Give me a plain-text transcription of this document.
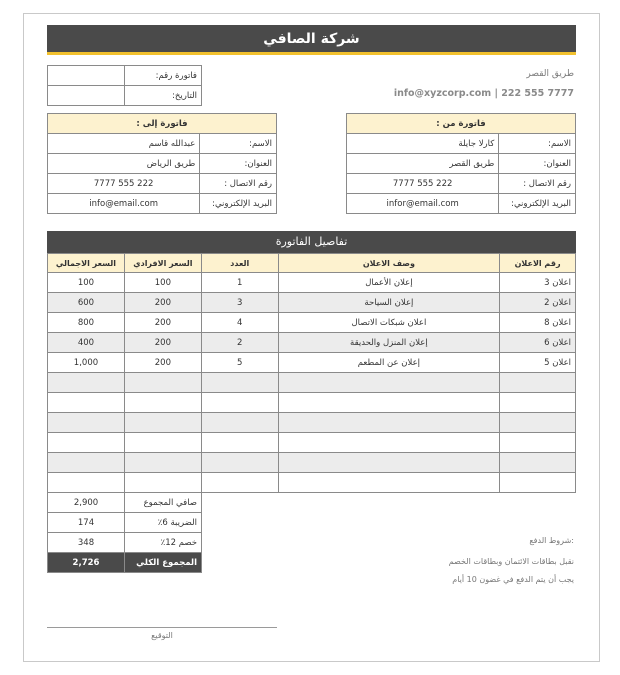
شركة الصافي
طريق القصر
info@xyzcorp.com | 222 555 7777
فاتورة رقم:	
التاريخ:	
فاتورة من :	
الاسم:	كارلا جايلة
العنوان:	طريق القصر
رقم الاتصال :	222 555 7777
البريد الإلكتروني:	infor@email.com
فاتورة إلى :	
الاسم:	عبدالله قاسم
العنوان:	طريق الرياض
رقم الاتصال :	222 555 7777
البريد الإلكتروني:	info@email.com
تفاصيل الفاتورة
رقم الاعلان	وصف الاعلان	العدد	السعر الافرادي	السعر الاجمالي
اعلان 3	إعلان الأعمال	1	100	100
اعلان 2	إعلان السياحة	3	200	600
اعلان 8	اعلان شبكات الاتصال	4	200	800
اعلان 6	إعلان المنزل والحديقة	2	200	400
اعلان 5	إعلان عن المطعم	5	200	1,000

صافي المجموع	2,900
الضريبة 6٪	174
خصم 12٪	348
المجموع الكلي	2,726
شروط الدفع:
نقبل بطاقات الائتمان وبطاقات الخصم
يجب أن يتم الدفع في غضون 10 أيام
التوقيع
